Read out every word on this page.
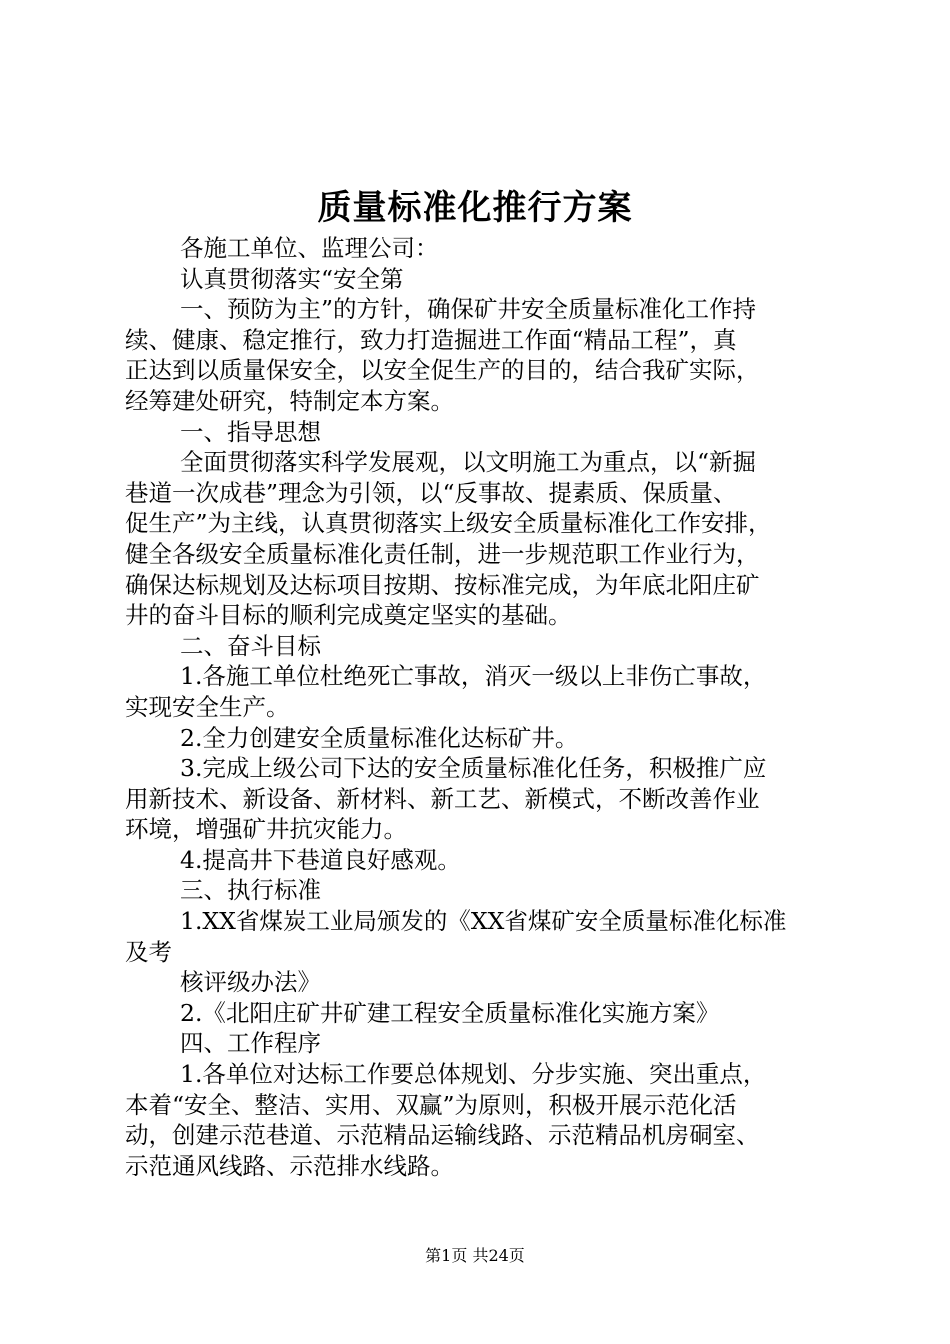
质量标准化推行方案

各施工单位、监理公司：

认真贯彻落实“安全第

一、预防为主”的方针，确保矿井安全质量标准化工作持

续、健康、稳定推行，致力打造掘进工作面“精品工程”，真

正达到以质量保安全，以安全促生产的目的，结合我矿实际，

经筹建处研究，特制定本方案。

一、指导思想

全面贯彻落实科学发展观，以文明施工为重点，以“新掘

巷道一次成巷”理念为引领，以“反事故、提素质、保质量、

促生产”为主线，认真贯彻落实上级安全质量标准化工作安排，

健全各级安全质量标准化责任制，进一步规范职工作业行为，

确保达标规划及达标项目按期、按标准完成，为年底北阳庄矿

井的奋斗目标的顺利完成奠定坚实的基础。

二、奋斗目标

1.各施工单位杜绝死亡事故，消灭一级以上非伤亡事故，

实现安全生产。

2.全力创建安全质量标准化达标矿井。

3.完成上级公司下达的安全质量标准化任务，积极推广应

用新技术、新设备、新材料、新工艺、新模式，不断改善作业

环境，增强矿井抗灾能力。

4.提高井下巷道良好感观。

三、执行标准

1.XX省煤炭工业局颁发的《XX省煤矿安全质量标准化标准

及考

核评级办法》

2.《北阳庄矿井矿建工程安全质量标准化实施方案》

四、工作程序

1.各单位对达标工作要总体规划、分步实施、突出重点，

本着“安全、整洁、实用、双赢”为原则，积极开展示范化活

动，创建示范巷道、示范精品运输线路、示范精品机房硐室、

示范通风线路、示范排水线路。

第1页 共24页
